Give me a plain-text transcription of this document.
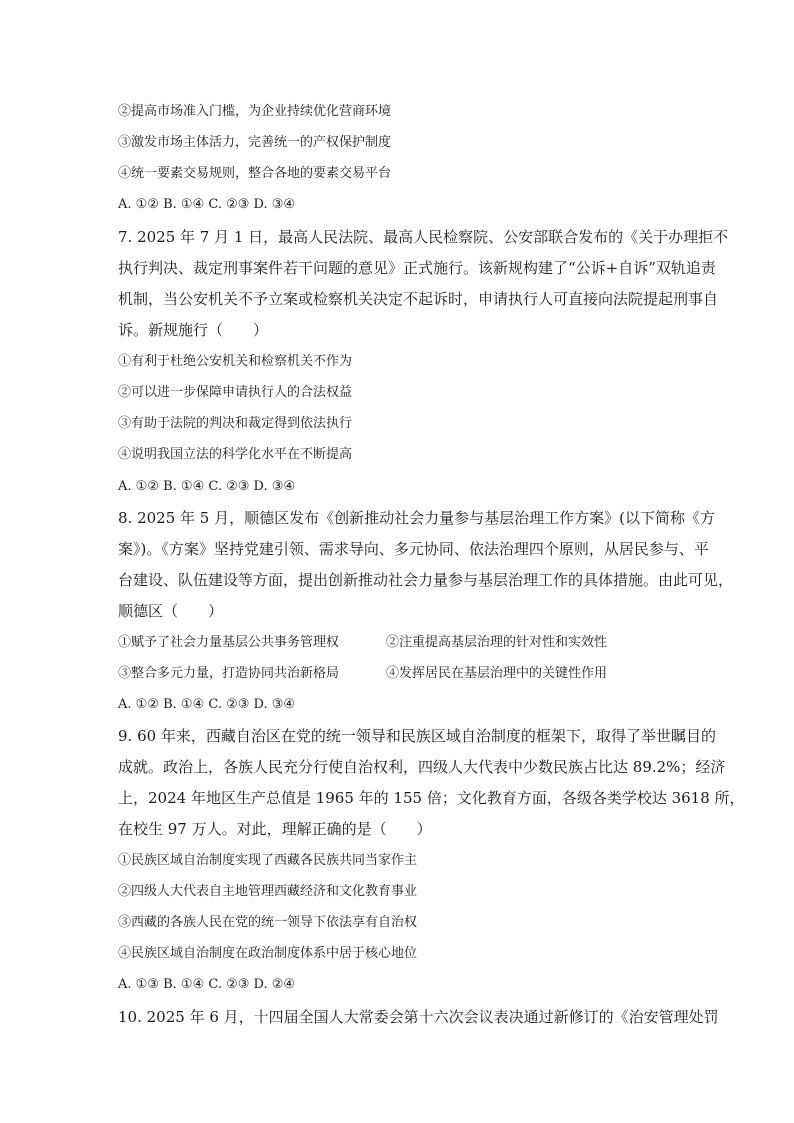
②提高市场准入门槛，为企业持续优化营商环境
③激发市场主体活力，完善统一的产权保护制度
④统一要素交易规则，整合各地的要素交易平台
A. ①② B. ①④ C. ②③ D. ③④
7. 2025 年 7 月 1 日，最高人民法院、最高人民检察院、公安部联合发布的《关于办理拒不
执行判决、裁定刑事案件若干问题的意见》正式施行。该新规构建了“公诉+自诉”双轨追责
机制，当公安机关不予立案或检察机关决定不起诉时，申请执行人可直接向法院提起刑事自
诉。新规施行（　　）
①有利于杜绝公安机关和检察机关不作为
②可以进一步保障申请执行人的合法权益
③有助于法院的判决和裁定得到依法执行
④说明我国立法的科学化水平在不断提高
A. ①② B. ①④ C. ②③ D. ③④
8. 2025 年 5 月，顺德区发布《创新推动社会力量参与基层治理工作方案》(以下简称《方
案》)。《方案》坚持党建引领、需求导向、多元协同、依法治理四个原则，从居民参与、平
台建设、队伍建设等方面，提出创新推动社会力量参与基层治理工作的具体措施。由此可见，
顺德区（　　）
①赋予了社会力量基层公共事务管理权	②注重提高基层治理的针对性和实效性
③整合多元力量，打造协同共治新格局	④发挥居民在基层治理中的关键性作用
A. ①② B. ①④ C. ②③ D. ③④
9. 60 年来，西藏自治区在党的统一领导和民族区域自治制度的框架下，取得了举世瞩目的
成就。政治上，各族人民充分行使自治权利，四级人大代表中少数民族占比达 89.2%；经济
上，2024 年地区生产总值是 1965 年的 155 倍；文化教育方面，各级各类学校达 3618 所，
在校生 97 万人。对此，理解正确的是（　　）
①民族区域自治制度实现了西藏各民族共同当家作主
②四级人大代表自主地管理西藏经济和文化教育事业
③西藏的各族人民在党的统一领导下依法享有自治权
④民族区域自治制度在政治制度体系中居于核心地位
A. ①③ B. ①④ C. ②③ D. ②④
10. 2025 年 6 月，十四届全国人大常委会第十六次会议表决通过新修订的《治安管理处罚
